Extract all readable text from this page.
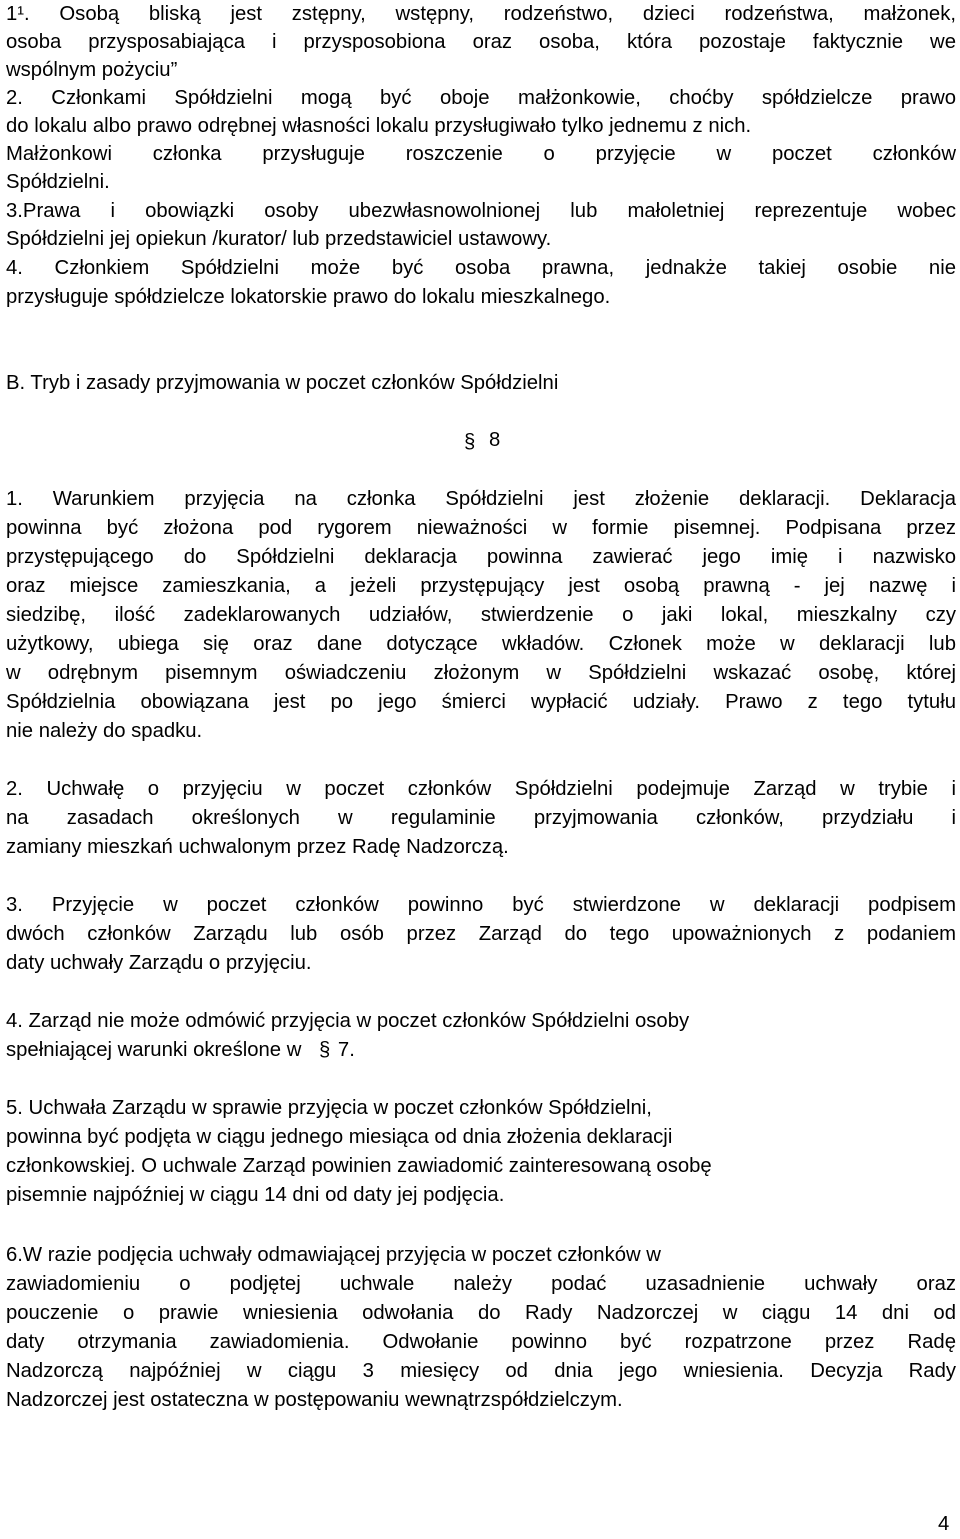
1¹. Osobą bliską jest zstępny, wstępny, rodzeństwo, dzieci rodzeństwa, małżonek,
osoba przysposabiająca i przysposobiona oraz osoba, która pozostaje faktycznie we
wspólnym pożyciu”
2. Członkami Spółdzielni mogą być oboje małżonkowie, choćby spółdzielcze prawo
do lokalu albo prawo odrębnej własności lokalu przysługiwało tylko jednemu z nich.
Małżonkowi członka przysługuje roszczenie o przyjęcie w poczet członków
Spółdzielni.
3.Prawa i obowiązki osoby ubezwłasnowolnionej lub małoletniej reprezentuje wobec
Spółdzielni jej opiekun /kurator/ lub przedstawiciel ustawowy.
4. Członkiem Spółdzielni może być osoba prawna, jednakże takiej osobie nie
przysługuje spółdzielcze lokatorskie prawo do lokalu mieszkalnego.
B. Tryb i zasady przyjmowania w poczet członków Spółdzielni
§ 8
1. Warunkiem przyjęcia na członka Spółdzielni jest złożenie deklaracji. Deklaracja
powinna być złożona pod rygorem nieważności w formie pisemnej. Podpisana przez
przystępującego do Spółdzielni deklaracja powinna zawierać jego imię i nazwisko
oraz miejsce zamieszkania, a jeżeli przystępujący jest osobą prawną - jej nazwę i
siedzibę, ilość zadeklarowanych udziałów, stwierdzenie o jaki lokal, mieszkalny czy
użytkowy, ubiega się oraz dane dotyczące wkładów. Członek może w deklaracji lub
w odrębnym pisemnym oświadczeniu złożonym w Spółdzielni wskazać osobę, której
Spółdzielnia obowiązana jest po jego śmierci wypłacić udziały. Prawo z tego tytułu
nie należy do spadku.
2. Uchwałę o przyjęciu w poczet członków Spółdzielni podejmuje Zarząd w trybie i
na zasadach określonych w regulaminie przyjmowania członków, przydziału i
zamiany mieszkań uchwalonym przez Radę Nadzorczą.
3. Przyjęcie w poczet członków powinno być stwierdzone w deklaracji podpisem
dwóch członków Zarządu lub osób przez Zarząd do tego upoważnionych z podaniem
daty uchwały Zarządu o przyjęciu.
4. Zarząd nie może odmówić przyjęcia w poczet członków Spółdzielni osoby
spełniającej warunki określone w § 7.
5. Uchwała Zarządu w sprawie przyjęcia w poczet członków Spółdzielni,
powinna być podjęta w ciągu jednego miesiąca od dnia złożenia deklaracji
członkowskiej. O uchwale Zarząd powinien zawiadomić zainteresowaną osobę
pisemnie najpóźniej w ciągu 14 dni od daty jej podjęcia.
6.W razie podjęcia uchwały odmawiającej przyjęcia w poczet członków w
zawiadomieniu o podjętej uchwale należy podać uzasadnienie uchwały oraz
pouczenie o prawie wniesienia odwołania do Rady Nadzorczej w ciągu 14 dni od
daty otrzymania zawiadomienia. Odwołanie powinno być rozpatrzone przez Radę
Nadzorczą najpóźniej w ciągu 3 miesięcy od dnia jego wniesienia. Decyzja Rady
Nadzorczej jest ostateczna w postępowaniu wewnątrzspółdzielczym.
4
